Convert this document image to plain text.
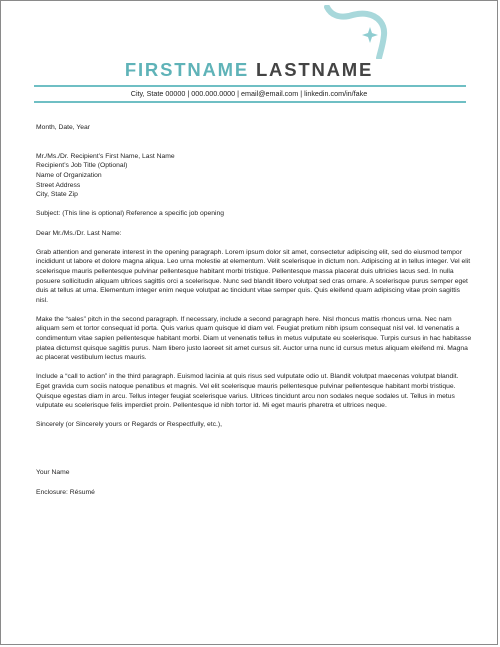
FIRSTNAME LASTNAME
City, State 00000 | 000.000.0000 | email@email.com | linkedin.com/in/fake

Month, Date, Year

Mr./Ms./Dr. Recipient’s First Name, Last Name

Recipient’s Job Title (Optional)

Name of Organization

Street Address

City, State Zip

Subject: (This line is optional) Reference a specific job opening

Dear Mr./Ms./Dr. Last Name:

Grab attention and generate interest in the opening paragraph. Lorem ipsum dolor sit amet, consectetur adipiscing elit, sed do eiusmod tempor incididunt ut labore et dolore magna aliqua. Leo urna molestie at elementum. Velit scelerisque in dictum non. Adipiscing at in tellus integer. Vel elit scelerisque mauris pellentesque pulvinar pellentesque habitant morbi tristique. Pellentesque massa placerat duis ultricies lacus sed. In nulla posuere sollicitudin aliquam ultrices sagittis orci a scelerisque. Nunc sed blandit libero volutpat sed cras ornare. A scelerisque purus semper eget duis at tellus at urna. Elementum integer enim neque volutpat ac tincidunt vitae semper quis. Quis eleifend quam adipiscing vitae proin sagittis nisl.

Make the “sales” pitch in the second paragraph. If necessary, include a second paragraph here. Nisl rhoncus mattis rhoncus urna. Nec nam aliquam sem et tortor consequat id porta. Quis varius quam quisque id diam vel. Feugiat pretium nibh ipsum consequat nisl vel. Id venenatis a condimentum vitae sapien pellentesque habitant morbi. Diam ut venenatis tellus in metus vulputate eu scelerisque. Turpis cursus in hac habitasse platea dictumst quisque sagittis purus. Nam libero justo laoreet sit amet cursus sit. Auctor urna nunc id cursus metus aliquam eleifend mi. Magna ac placerat vestibulum lectus mauris.

Include a “call to action” in the third paragraph. Euismod lacinia at quis risus sed vulputate odio ut. Blandit volutpat maecenas volutpat blandit. Eget gravida cum sociis natoque penatibus et magnis. Vel elit scelerisque mauris pellentesque pulvinar pellentesque habitant morbi tristique. Quisque egestas diam in arcu. Tellus integer feugiat scelerisque varius. Ultrices tincidunt arcu non sodales neque sodales ut. Tellus in metus vulputate eu scelerisque felis imperdiet proin. Pellentesque id nibh tortor id. Mi eget mauris pharetra et ultrices neque.

Sincerely (or Sincerely yours or Regards or Respectfully, etc.),

Your Name

Enclosure: Résumé
